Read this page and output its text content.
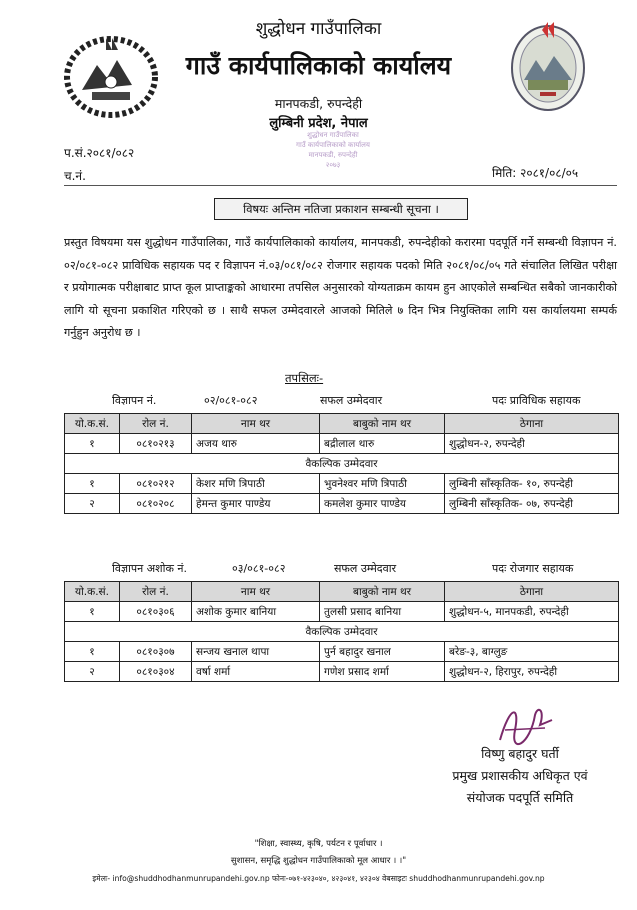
शुद्धोधन गाउँपालिका
गाउँ कार्यपालिकाको कार्यालय
मानपकडी, रुपन्देही
लुम्बिनी प्रदेश, नेपाल
शुद्धोधन गाउँपालिका
गाउँ कार्यपालिकाको कार्यालय
मानपकडी, रुपन्देही
२०७३
प.सं.२०८१/०८२
च.नं.	मिति: २०८१/०८/०५
विषयः अन्तिम नतिजा प्रकाशन सम्बन्धी सूचना ।
प्रस्तुत विषयमा यस शुद्धोधन गाउँपालिका, गाउँ कार्यपालिकाको कार्यालय, मानपकडी, रुपन्देहीको करारमा पदपूर्ति गर्ने सम्बन्धी विज्ञापन नं. ०२/०८१-०८२ प्राविधिक सहायक पद र विज्ञापन नं.०३/०८१/०८२ रोजगार सहायक पदको मिति २०८१/०८/०५ गते संचालित लिखित परीक्षा र प्रयोगात्मक परीक्षाबाट प्राप्त कूल प्राप्ताङ्कको आधारमा तपसिल अनुसारको योग्यताक्रम कायम हुन आएकोले सम्बन्धित सबैको जानकारीको लागि यो सूचना प्रकाशित गरिएको छ । साथै सफल उम्मेदवारले आजको मितिले ७ दिन भित्र नियुक्तिका लागि यस कार्यालयमा सम्पर्क गर्नुहुन अनुरोध छ ।
तपसिलः-
विज्ञापन नं.	०२/०८१-०८२	सफल उम्मेदवार	पदः प्राविधिक सहायक
यो.क.सं.	रोल नं.	नाम थर	बाबुको नाम थर	ठेगाना
१	०८१०२१३	अजय थारु	बद्रीलाल थारु	शुद्धोधन-२, रुपन्देही
वैकल्पिक उम्मेदवार				
१	०८१०२१२	केशर मणि त्रिपाठी	भुवनेश्वर मणि त्रिपाठी	लुम्बिनी साँस्कृतिक- १०, रुपन्देही
२	०८१०२०८	हेमन्त कुमार पाण्डेय	कमलेश कुमार पाण्डेय	लुम्बिनी साँस्कृतिक- ०७, रुपन्देही
विज्ञापन अशोक नं.	०३/०८१-०८२	सफल उम्मेदवार	पदः रोजगार सहायक
यो.क.सं.	रोल नं.	नाम थर	बाबुको नाम थर	ठेगाना
१	०८१०३०६	अशोक कुमार बानिया	तुलसी प्रसाद बानिया	शुद्धोधन-५, मानपकडी, रुपन्देही
वैकल्पिक उम्मेदवार				
१	०८१०३०७	सन्जय खनाल थापा	पुर्न बहादुर खनाल	बरेङ-३, बाग्लुङ
२	०८१०३०४	वर्षा शर्मा	गणेश प्रसाद शर्मा	शुद्धोधन-२, हिरापुर, रुपन्देही
विष्णु बहादुर घर्ती
प्रमुख प्रशासकीय अधिकृत एवं
संयोजक पदपूर्ति समिति
"शिक्षा, स्वास्थ्य, कृषि, पर्यटन र पूर्वाधार ।
सुशासन, समृद्धि शुद्धोधन गाउँपालिकाको मूल आधार । ।"
इमेलः- info@shuddhodhanmunrupandehi.gov.np फोनः-०७१-४२३०४०, ४२३०४१, ४२३०४ वेबसाइटः shuddhodhanmunrupandehi.gov.np
